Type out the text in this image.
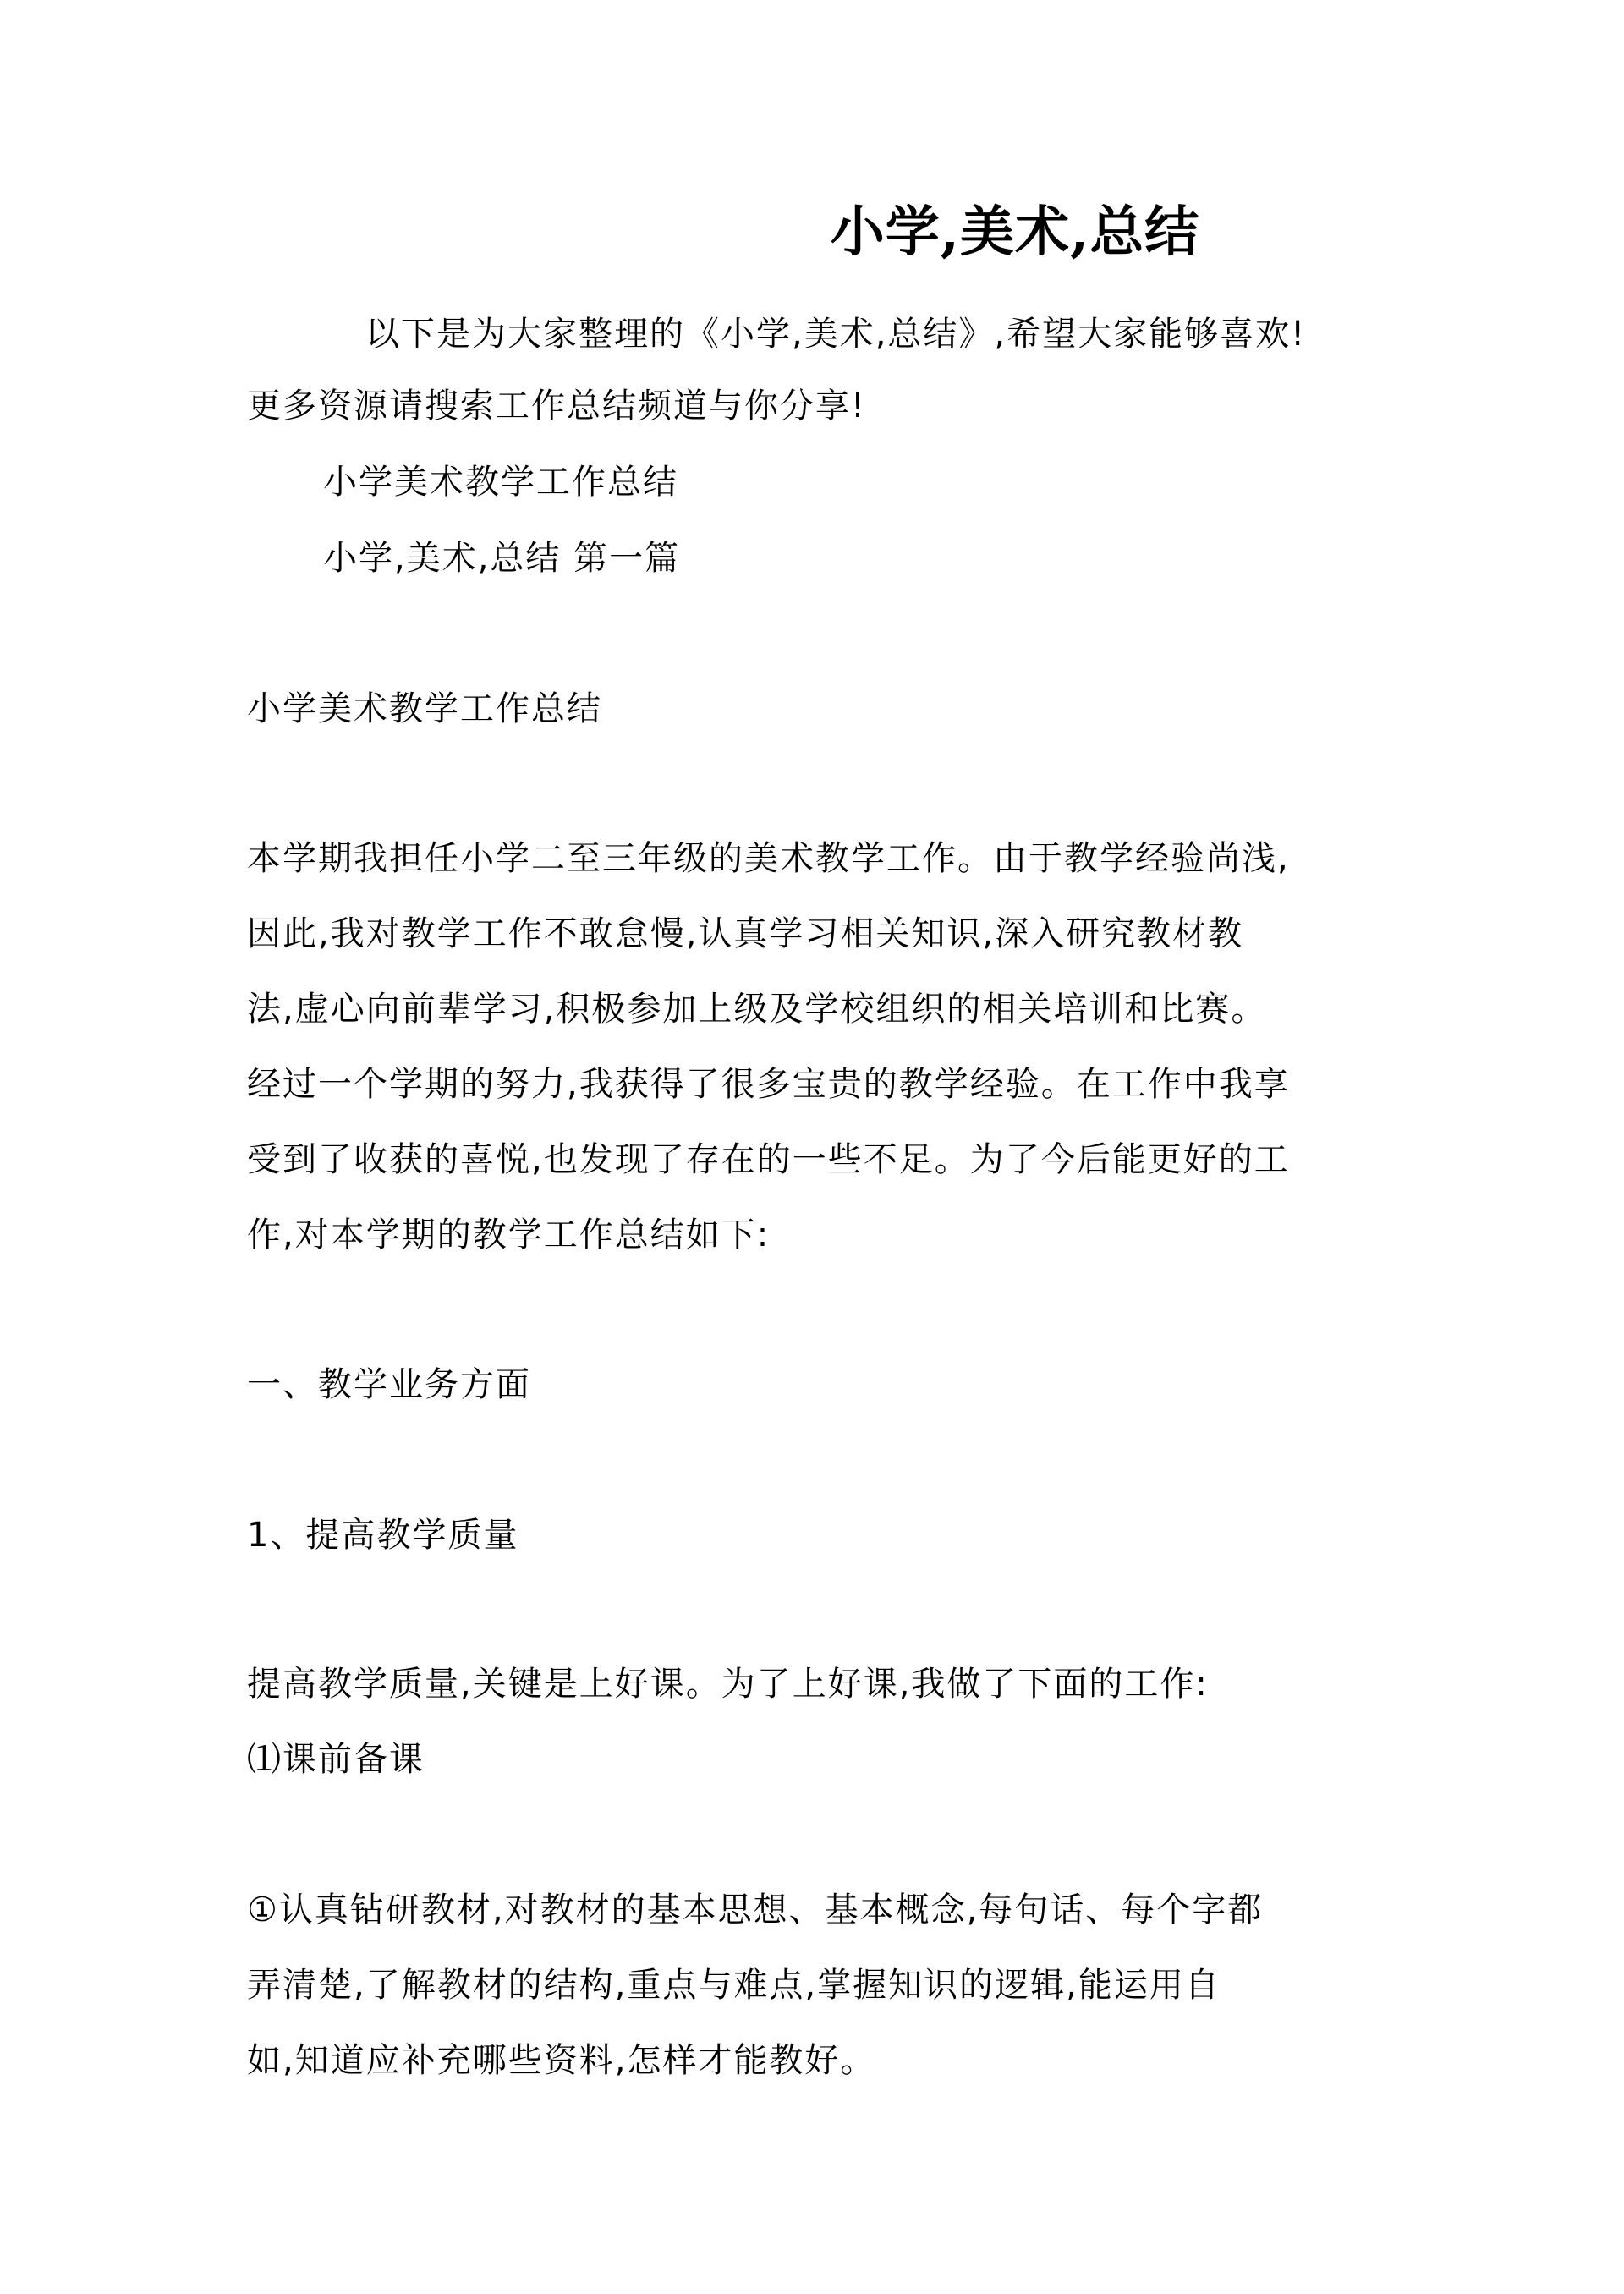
小学,美术,总结
以下是为大家整理的《小学,美术,总结》,希望大家能够喜欢!
更多资源请搜索工作总结频道与你分享!
小学美术教学工作总结
小学,美术,总结 第一篇
小学美术教学工作总结
本学期我担任小学二至三年级的美术教学工作。由于教学经验尚浅,
因此,我对教学工作不敢怠慢,认真学习相关知识,深入研究教材教
法,虚心向前辈学习,积极参加上级及学校组织的相关培训和比赛。
经过一个学期的努力,我获得了很多宝贵的教学经验。在工作中我享
受到了收获的喜悦,也发现了存在的一些不足。为了今后能更好的工
作,对本学期的教学工作总结如下:
一、教学业务方面
1、提高教学质量
提高教学质量,关键是上好课。为了上好课,我做了下面的工作:
⑴课前备课
①认真钻研教材,对教材的基本思想、基本概念,每句话、每个字都
弄清楚,了解教材的结构,重点与难点,掌握知识的逻辑,能运用自
如,知道应补充哪些资料,怎样才能教好。
